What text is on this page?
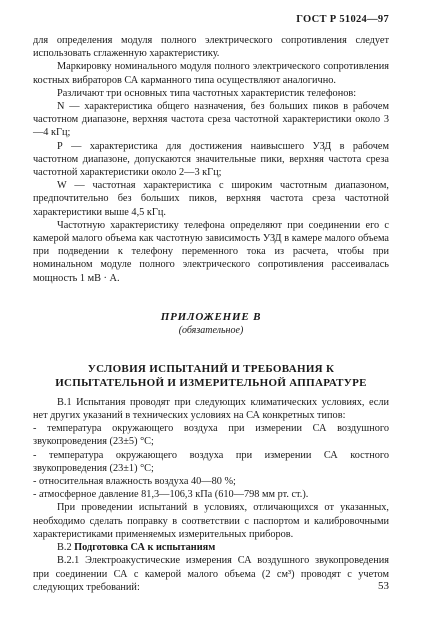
ГОСТ Р 51024—97

для определения модуля полного электрического сопротивления следует использовать сглаженную характеристику.

Маркировку номинального модуля полного электрического сопротивления костных вибраторов СА карманного типа осуществляют аналогично.

Различают три основных типа частотных характеристик телефонов:

N — характеристика общего назначения, без больших пиков в рабочем частотном диапазоне, верхняя частота среза частотной характеристики около 3—4 кГц;

Р — характеристика для достижения наивысшего УЗД в рабочем частотном диапазоне, допускаются значительные пики, верхняя частота среза частотной характеристики около 2—3 кГц;

W — частотная характеристика с широким частотным диапазоном, предпочтительно без больших пиков, верхняя частота среза частотной характеристики выше 4,5 кГц.

Частотную характеристику телефона определяют при соединении его с камерой малого объема как частотную зависимость УЗД в камере малого объема при подведении к телефону переменного тока из расчета, чтобы при номинальном модуле полного электрического сопротивления рассеивалась мощность 1 мВ · А.

ПРИЛОЖЕНИЕ В
(обязательное)
УСЛОВИЯ ИСПЫТАНИЙ И ТРЕБОВАНИЯ К ИСПЫТАТЕЛЬНОЙ И ИЗМЕРИТЕЛЬНОЙ АППАРАТУРЕ

В.1 Испытания проводят при следующих климатических условиях, если нет других указаний в технических условиях на СА конкретных типов:

- температура окружающего воздуха при измерении СА воздушного звукопроведения (23±5) °С;

- температура окружающего воздуха при измерении СА костного звукопроведения (23±1) °С;

- относительная влажность воздуха 40—80 %;

- атмосферное давление 81,3—106,3 кПа (610—798 мм рт. ст.).

При проведении испытаний в условиях, отличающихся от указанных, необходимо сделать поправку в соответствии с паспортом и калибровочными характеристиками применяемых измерительных приборов.

В.2 Подготовка СА к испытаниям

В.2.1 Электроакустические измерения СА воздушного звукопроведения при соединении СА с камерой малого объема (2 см³) проводят с учетом следующих требований:	53
